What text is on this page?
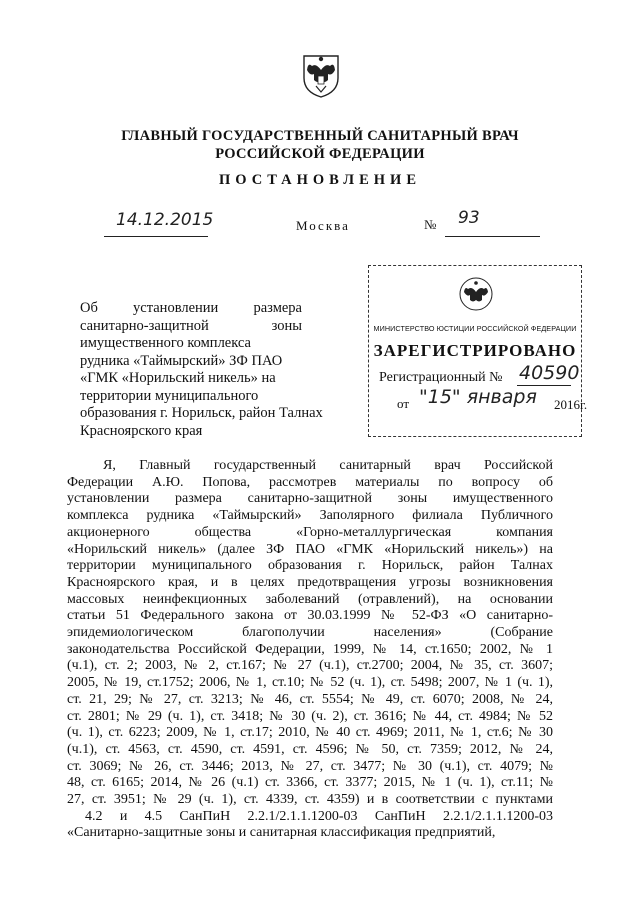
ГЛАВНЫЙ ГОСУДАРСТВЕННЫЙ САНИТАРНЫЙ ВРАЧ
РОССИЙСКОЙ ФЕДЕРАЦИИ
ПОСТАНОВЛЕНИЕ
14.12.2015	Москва	№ 93
МИНИСТЕРСТВО ЮСТИЦИИ РОССИЙСКОЙ ФЕДЕРАЦИИ
ЗАРЕГИСТРИРОВАНО
Регистрационный № 40590
от "15" января 2016г.
Об установлении размера
санитарно-защитной зоны
имущественного комплекса
рудника «Таймырский» ЗФ ПАО
«ГМК «Норильский никель» на
территории муниципального
образования г. Норильск, район Талнах
Красноярского края
Я, Главный государственный санитарный врач Российской
Федерации А.Ю. Попова, рассмотрев материалы по вопросу об
установлении размера санитарно-защитной зоны имущественного
комплекса рудника «Таймырский» Заполярного филиала Публичного
акционерного общества «Горно-металлургическая компания
«Норильский никель» (далее ЗФ ПАО «ГМК «Норильский никель») на
территории муниципального образования г. Норильск, район Талнах
Красноярского края, и в целях предотвращения угрозы возникновения
массовых неинфекционных заболеваний (отравлений), на основании
статьи 51 Федерального закона от 30.03.1999 № 52-ФЗ «О санитарно-
эпидемиологическом благополучии населения» (Собрание
законодательства Российской Федерации, 1999, № 14, ст.1650; 2002, № 1
(ч.1), ст. 2; 2003, № 2, ст.167; № 27 (ч.1), ст.2700; 2004, № 35, ст. 3607;
2005, № 19, ст.1752; 2006, № 1, ст.10; № 52 (ч. 1), ст. 5498; 2007, № 1 (ч. 1),
ст. 21, 29; № 27, ст. 3213; № 46, ст. 5554; № 49, ст. 6070; 2008, № 24,
ст. 2801; № 29 (ч. 1), ст. 3418; № 30 (ч. 2), ст. 3616; № 44, ст. 4984; № 52
(ч. 1), ст. 6223; 2009, № 1, ст.17; 2010, № 40 ст. 4969; 2011, № 1, ст.6; № 30
(ч.1), ст. 4563, ст. 4590, ст. 4591, ст. 4596; № 50, ст. 7359; 2012, № 24,
ст. 3069; № 26, ст. 3446; 2013, № 27, ст. 3477; № 30 (ч.1), ст. 4079; №
48, ст. 6165; 2014, № 26 (ч.1) ст. 3366, ст. 3377; 2015, № 1 (ч. 1), ст.11; №
27, ст. 3951; № 29 (ч. 1), ст. 4339, ст. 4359) и в соответствии с пунктами
4.2 и 4.5 СанПиН 2.2.1/2.1.1.1200-03 СанПиН 2.2.1/2.1.1.1200-03
«Санитарно-защитные зоны и санитарная классификация предприятий,
